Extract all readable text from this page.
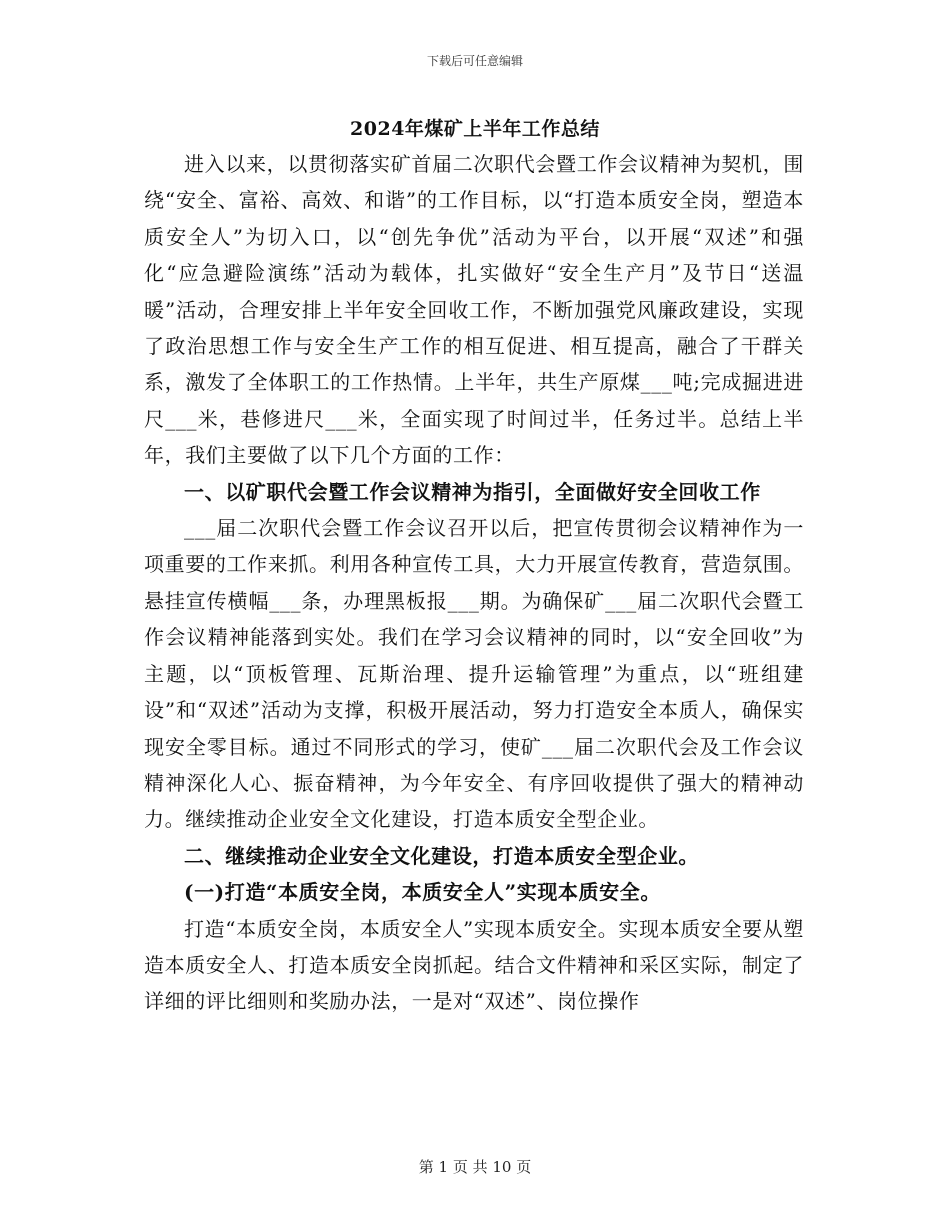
下载后可任意编辑
2024年煤矿上半年工作总结

进入以来，以贯彻落实矿首届二次职代会暨工作会议精神为契机，围绕“安全、富裕、高效、和谐”的工作目标，以“打造本质安全岗，塑造本质安全人”为切入口，以“创先争优”活动为平台，以开展“双述”和强化“应急避险演练”活动为载体，扎实做好“安全生产月”及节日“送温暖”活动，合理安排上半年安全回收工作，不断加强党风廉政建设，实现了政治思想工作与安全生产工作的相互促进、相互提高，融合了干群关系，激发了全体职工的工作热情。上半年，共生产原煤___吨;完成掘进进尺___米，巷修进尺___米，全面实现了时间过半，任务过半。总结上半年，我们主要做了以下几个方面的工作：

一、以矿职代会暨工作会议精神为指引，全面做好安全回收工作

___届二次职代会暨工作会议召开以后，把宣传贯彻会议精神作为一项重要的工作来抓。利用各种宣传工具，大力开展宣传教育，营造氛围。悬挂宣传横幅___条，办理黑板报___期。为确保矿___届二次职代会暨工作会议精神能落到实处。我们在学习会议精神的同时，以“安全回收”为主题，以“顶板管理、瓦斯治理、提升运输管理”为重点，以“班组建设”和“双述”活动为支撑，积极开展活动，努力打造安全本质人，确保实现安全零目标。通过不同形式的学习，使矿___届二次职代会及工作会议精神深化人心、振奋精神，为今年安全、有序回收提供了强大的精神动力。继续推动企业安全文化建设，打造本质安全型企业。

二、继续推动企业安全文化建设，打造本质安全型企业。

(一)打造“本质安全岗，本质安全人”实现本质安全。

打造“本质安全岗，本质安全人”实现本质安全。实现本质安全要从塑造本质安全人、打造本质安全岗抓起。结合文件精神和采区实际，制定了详细的评比细则和奖励办法，一是对“双述”、岗位操作

第 1 页 共 10 页
